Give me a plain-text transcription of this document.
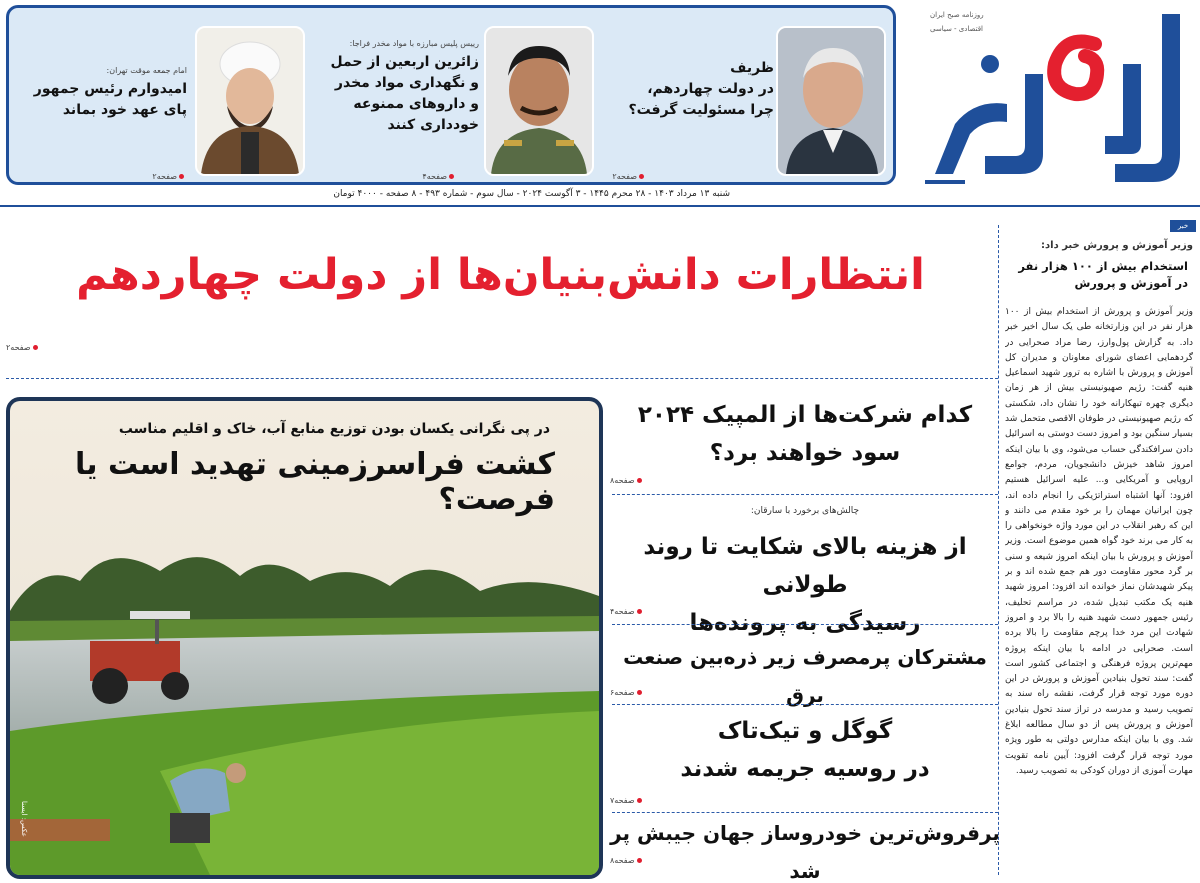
روزنامه صبح ایران
اقتصادی - سیاسی
ظریف
در دولت چهاردهم،
چرا مسئولیت گرفت؟
صفحه۲
رییس پلیس مبارزه با مواد مخدر فراجا:
زائرین اربعین از حمل
و نگهداری مواد مخدر
و داروهای ممنوعه
خودداری کنند
صفحه۴
امام جمعه موقت تهران:
امیدوارم رئیس جمهور
پای عهد خود بماند
صفحه۲
شنبه ۱۳ مرداد ۱۴۰۳ - ۲۸ محرم ۱۴۴۵ - ۳ آگوست ۲۰۲۴ - سال سوم - شماره ۴۹۳ - ۸ صفحه - ۴۰۰۰ تومان
انتظارات دانش‌بنیان‌ها از دولت چهاردهم
صفحه۲
خبر
وزیر آموزش و پرورش خبر داد:
استخدام بیش از ۱۰۰ هزار نفر در آموزش و پرورش
وزیر آموزش و پرورش از استخدام بیش از ۱۰۰ هزار نفر در این وزارتخانه طی یک سال اخیر خبر داد. به گزارش پول‌وارز، رضا مراد صحرایی در گردهمایی اعضای شورای معاونان و مدیران کل آموزش و پرورش با اشاره به ترور شهید اسماعیل هنیه گفت: رژیم صهیونیستی بیش از هر زمان دیگری چهره تبهکارانه خود را نشان داد، شکستی که رژیم صهیونیستی در طوفان الاقصی متحمل شد بسیار سنگین بود و امروز دست دوستی به اسرائیل دادن سرافکندگی حساب می‌شود، وی با بیان اینکه امروز شاهد خیزش دانشجویان، مردم، جوامع اروپایی و آمریکایی و... علیه اسرائیل هستیم افزود: آنها اشتباه استراتژیکی را انجام داده اند، چون ایرانیان مهمان را بر خود مقدم می دانند و این که رهبر انقلاب در این مورد واژه خونخواهی را به کار می برند خود گواه همین موضوع است. وزیر آموزش و پرورش با بیان اینکه امروز شیعه و سنی بر گرد محور مقاومت دور هم جمع شده اند و بر پیکر شهیدشان نماز خوانده اند افزود: امروز شهید هنیه یک مکتب تبدیل شده، در مراسم تحلیف، رئیس جمهور دست شهید هنیه را بالا برد و امروز شهادت این مرد خدا پرچم مقاومت را بالا برده است. صحرایی در ادامه با بیان اینکه پروژه مهم‌ترین پروژه فرهنگی و اجتماعی کشور است گفت: سند تحول بنیادین آموزش و پرورش در این دوره مورد توجه قرار گرفت، نقشه راه سند به تصویب رسید و مدرسه در تراز سند تحول بنیادین آموزش و پرورش پس از دو سال مطالعه ابلاغ شد. وی با بیان اینکه مدارس دولتی به طور ویژه مورد توجه قرار گرفت افزود: آیین نامه تقویت مهارت آموزی از دوران کودکی به تصویب رسید.
در پی نگرانی یکسان بودن توزیع منابع آب، خاک و اقلیم مناسب
کشت فراسرزمینی تهدید است یا فرصت؟
عکس: ایسنا
کدام شرکت‌ها از المپیک ۲۰۲۴
سود خواهند برد؟
صفحه۸
چالش‌های برخورد با سارقان:
از هزینه بالای شکایت تا روند طولانی
رسیدگی به پرونده‌ها
صفحه۴
مشترکان پرمصرف زیر ذره‌بین صنعت برق
صفحه۶
گوگل و تیک‌تاک
در روسیه جریمه شدند
صفحه۷
پرفروش‌ترین خودروساز جهان جیبش پر شد
صفحه۸
